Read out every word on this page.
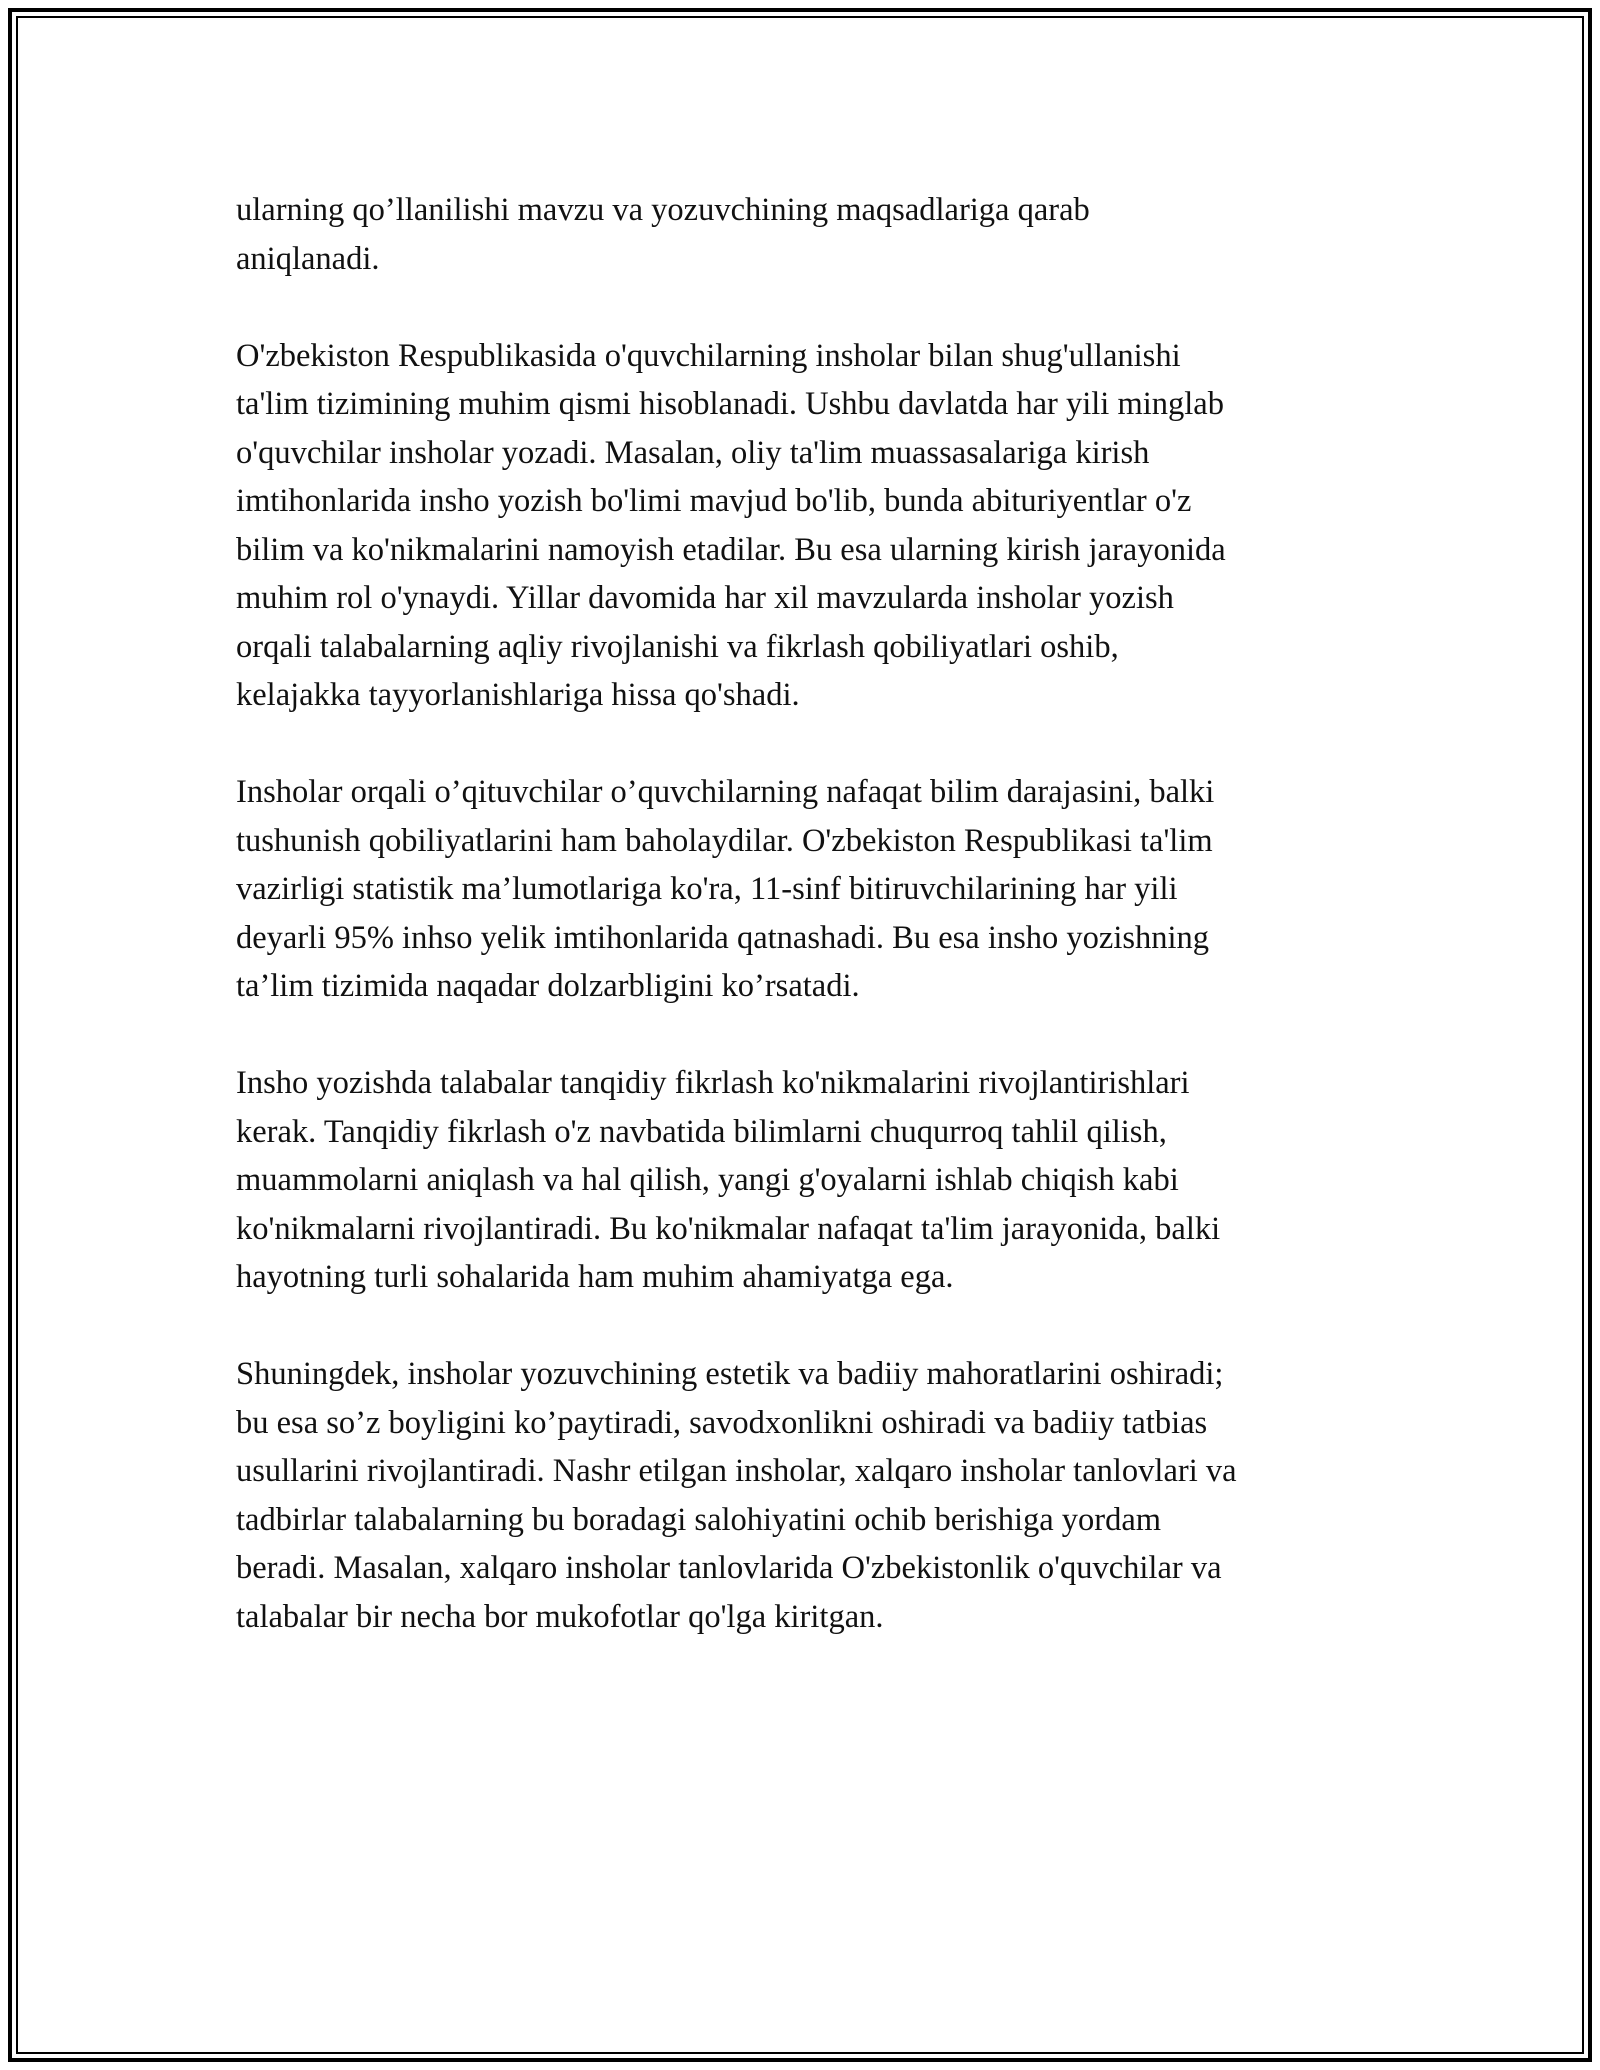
ularning qo’llanilishi mavzu va yozuvchining maqsadlariga qarab
aniqlanadi.

O'zbekiston Respublikasida o'quvchilarning insholar bilan shug'ullanishi
ta'lim tizimining muhim qismi hisoblanadi. Ushbu davlatda har yili minglab
o'quvchilar insholar yozadi. Masalan, oliy ta'lim muassasalariga kirish
imtihonlarida insho yozish bo'limi mavjud bo'lib, bunda abituriyentlar o'z
bilim va ko'nikmalarini namoyish etadilar. Bu esa ularning kirish jarayonida
muhim rol o'ynaydi. Yillar davomida har xil mavzularda insholar yozish
orqali talabalarning aqliy rivojlanishi va fikrlash qobiliyatlari oshib,
kelajakka tayyorlanishlariga hissa qo'shadi.

Insholar orqali o’qituvchilar o’quvchilarning nafaqat bilim darajasini, balki
tushunish qobiliyatlarini ham baholaydilar. O'zbekiston Respublikasi ta'lim
vazirligi statistik ma’lumotlariga ko'ra, 11-sinf bitiruvchilarining har yili
deyarli 95% inhso yelik imtihonlarida qatnashadi. Bu esa insho yozishning
ta’lim tizimida naqadar dolzarbligini ko’rsatadi.

Insho yozishda talabalar tanqidiy fikrlash ko'nikmalarini rivojlantirishlari
kerak. Tanqidiy fikrlash o'z navbatida bilimlarni chuqurroq tahlil qilish,
muammolarni aniqlash va hal qilish, yangi g'oyalarni ishlab chiqish kabi
ko'nikmalarni rivojlantiradi. Bu ko'nikmalar nafaqat ta'lim jarayonida, balki
hayotning turli sohalarida ham muhim ahamiyatga ega.

Shuningdek, insholar yozuvchining estetik va badiiy mahoratlarini oshiradi;
bu esa so’z boyligini ko’paytiradi, savodxonlikni oshiradi va badiiy tatbias
usullarini rivojlantiradi. Nashr etilgan insholar, xalqaro insholar tanlovlari va
tadbirlar talabalarning bu boradagi salohiyatini ochib berishiga yordam
beradi. Masalan, xalqaro insholar tanlovlarida O'zbekistonlik o'quvchilar va
talabalar bir necha bor mukofotlar qo'lga kiritgan.
